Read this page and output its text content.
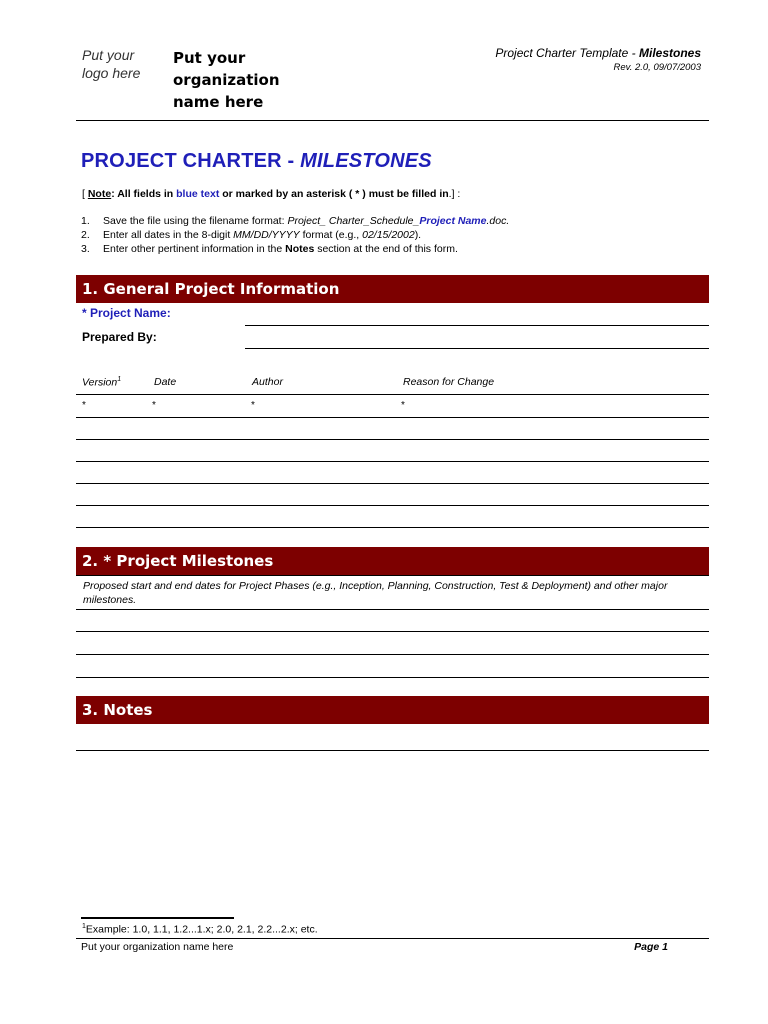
Put your logo here
Put your organization name here
Project Charter Template - Milestones
Rev. 2.0, 09/07/2003
PROJECT CHARTER - MILESTONES
[ Note: All fields in blue text or marked by an asterisk ( * ) must be filled in.] :
1. Save the file using the filename format: Project_ Charter_Schedule_Project Name.doc.
2. Enter all dates in the 8-digit MM/DD/YYYY format (e.g., 02/15/2002).
3. Enter other pertinent information in the Notes section at the end of this form.
1. General Project Information
* Project Name:
Prepared By:
Version$^1$	Date	Author	Reason for Change
*	*	*	*
2. * Project Milestones
Proposed start and end dates for Project Phases (e.g., Inception, Planning, Construction, Test & Deployment) and other major milestones.
3. Notes
$^1$Example: 1.0, 1.1, 1.2...1.x; 2.0, 2.1, 2.2...2.x; etc.
Put your organization name here	Page 1
